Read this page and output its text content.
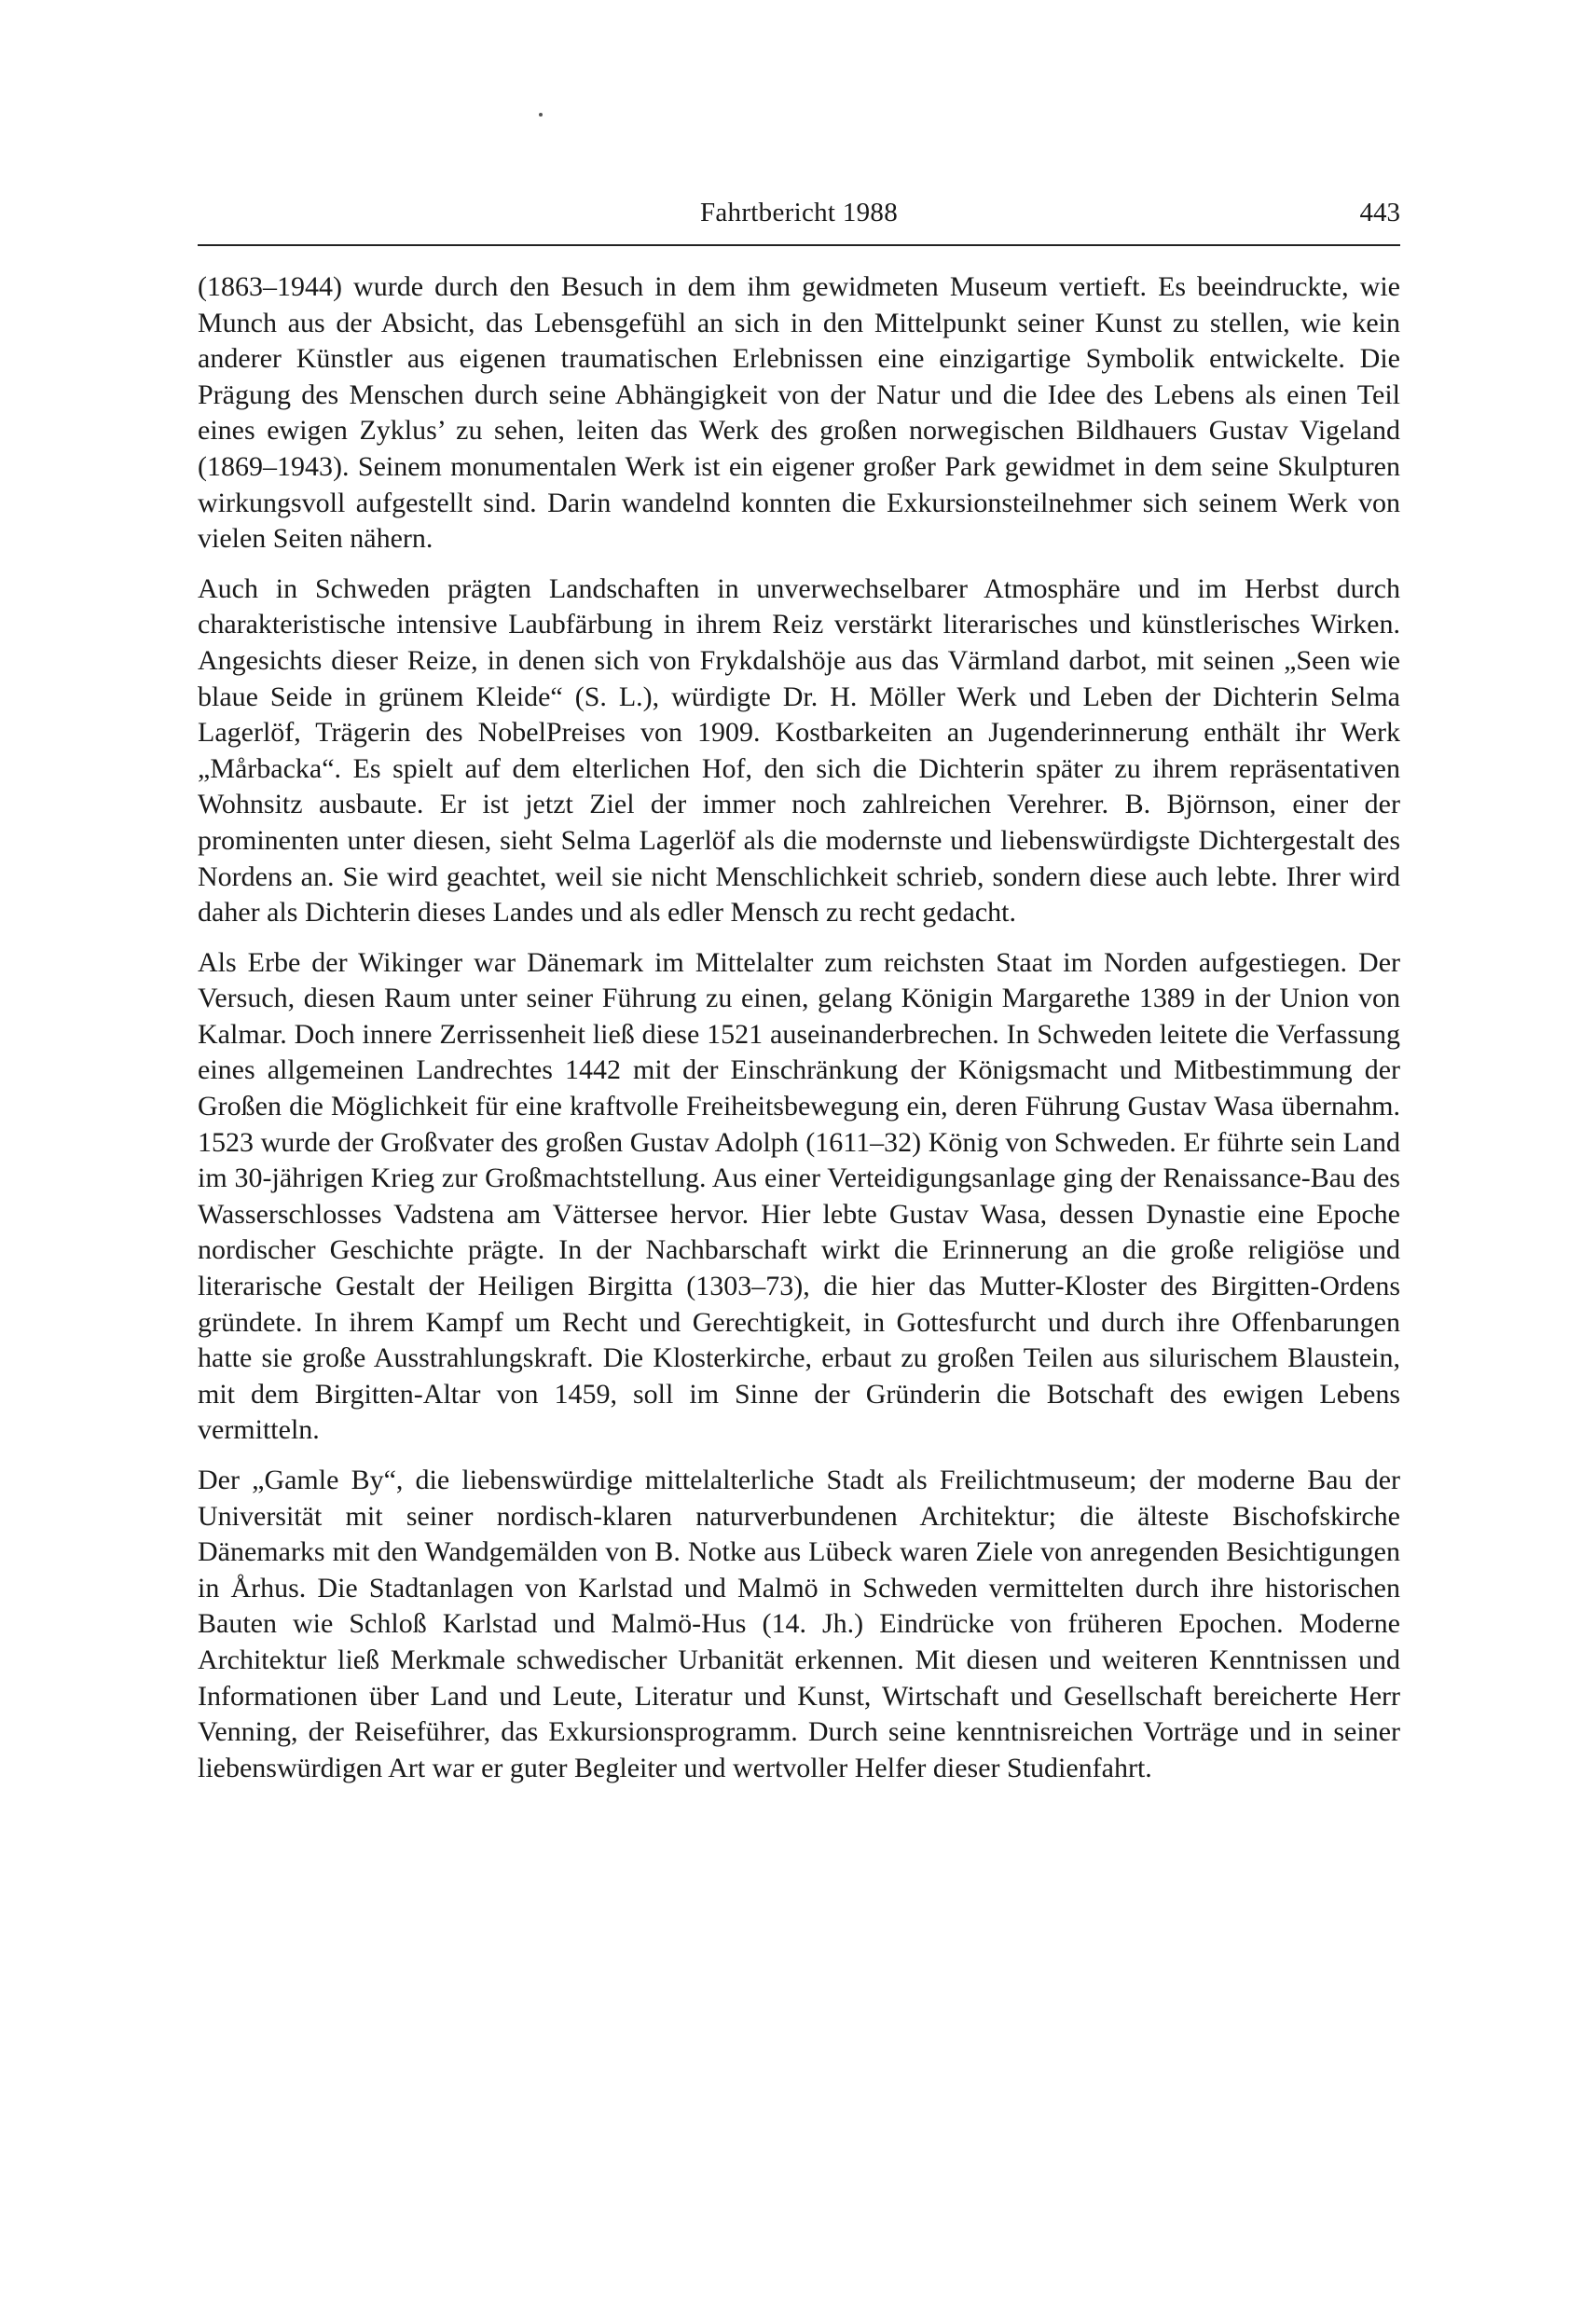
Fahrtbericht 1988	443

(1863–1944) wurde durch den Besuch in dem ihm gewidmeten Museum vertieft. Es beeindruckte, wie Munch aus der Absicht, das Lebensgefühl an sich in den Mittelpunkt seiner Kunst zu stellen, wie kein anderer Künstler aus eigenen traumatischen Erlebnissen eine einzigartige Symbolik entwickelte. Die Prägung des Menschen durch seine Abhängigkeit von der Natur und die Idee des Lebens als einen Teil eines ewigen Zyklus’ zu sehen, leiten das Werk des großen norwegischen Bildhauers Gustav Vigeland (1869–1943). Seinem monumentalen Werk ist ein eigener großer Park gewidmet in dem seine Skulpturen wirkungsvoll aufgestellt sind. Darin wandelnd konnten die Exkursionsteilnehmer sich seinem Werk von vielen Seiten nähern.

Auch in Schweden prägten Landschaften in unverwechselbarer Atmosphäre und im Herbst durch charakteristische intensive Laubfärbung in ihrem Reiz verstärkt literarisches und künstlerisches Wirken. Angesichts dieser Reize, in denen sich von Frykdalshöje aus das Värmland darbot, mit seinen „Seen wie blaue Seide in grünem Kleide“ (S. L.), würdigte Dr. H. Möller Werk und Leben der Dichterin Selma Lagerlöf, Trägerin des NobelPreises von 1909. Kostbarkeiten an Jugenderinnerung enthält ihr Werk „Mårbacka“. Es spielt auf dem elterlichen Hof, den sich die Dichterin später zu ihrem repräsentativen Wohnsitz ausbaute. Er ist jetzt Ziel der immer noch zahlreichen Verehrer. B. Björnson, einer der prominenten unter diesen, sieht Selma Lagerlöf als die modernste und liebenswürdigste Dichtergestalt des Nordens an. Sie wird geachtet, weil sie nicht Menschlichkeit schrieb, sondern diese auch lebte. Ihrer wird daher als Dichterin dieses Landes und als edler Mensch zu recht gedacht.

Als Erbe der Wikinger war Dänemark im Mittelalter zum reichsten Staat im Norden aufgestiegen. Der Versuch, diesen Raum unter seiner Führung zu einen, gelang Königin Margarethe 1389 in der Union von Kalmar. Doch innere Zerrissenheit ließ diese 1521 auseinanderbrechen. In Schweden leitete die Verfassung eines allgemeinen Landrechtes 1442 mit der Einschränkung der Königsmacht und Mitbestimmung der Großen die Möglichkeit für eine kraftvolle Freiheitsbewegung ein, deren Führung Gustav Wasa übernahm. 1523 wurde der Großvater des großen Gustav Adolph (1611–32) König von Schweden. Er führte sein Land im 30-jährigen Krieg zur Großmachtstellung. Aus einer Verteidigungsanlage ging der Renaissance-Bau des Wasserschlosses Vadstena am Vättersee hervor. Hier lebte Gustav Wasa, dessen Dynastie eine Epoche nordischer Geschichte prägte. In der Nachbarschaft wirkt die Erinnerung an die große religiöse und literarische Gestalt der Heiligen Birgitta (1303–73), die hier das Mutter-Kloster des Birgitten-Ordens gründete. In ihrem Kampf um Recht und Gerechtigkeit, in Gottesfurcht und durch ihre Offenbarungen hatte sie große Ausstrahlungskraft. Die Klosterkirche, erbaut zu großen Teilen aus silurischem Blaustein, mit dem Birgitten-Altar von 1459, soll im Sinne der Gründerin die Botschaft des ewigen Lebens vermitteln.

Der „Gamle By“, die liebenswürdige mittelalterliche Stadt als Freilichtmuseum; der moderne Bau der Universität mit seiner nordisch-klaren naturverbundenen Architektur; die älteste Bischofskirche Dänemarks mit den Wandgemälden von B. Notke aus Lübeck waren Ziele von anregenden Besichtigungen in Århus. Die Stadtanlagen von Karlstad und Malmö in Schweden vermittelten durch ihre historischen Bauten wie Schloß Karlstad und Malmö-Hus (14. Jh.) Eindrücke von früheren Epochen. Moderne Architektur ließ Merkmale schwedischer Urbanität erkennen. Mit diesen und weiteren Kenntnissen und Informationen über Land und Leute, Literatur und Kunst, Wirtschaft und Gesellschaft bereicherte Herr Venning, der Reiseführer, das Exkursionsprogramm. Durch seine kenntnisreichen Vorträge und in seiner liebenswürdigen Art war er guter Begleiter und wertvoller Helfer dieser Studienfahrt.
